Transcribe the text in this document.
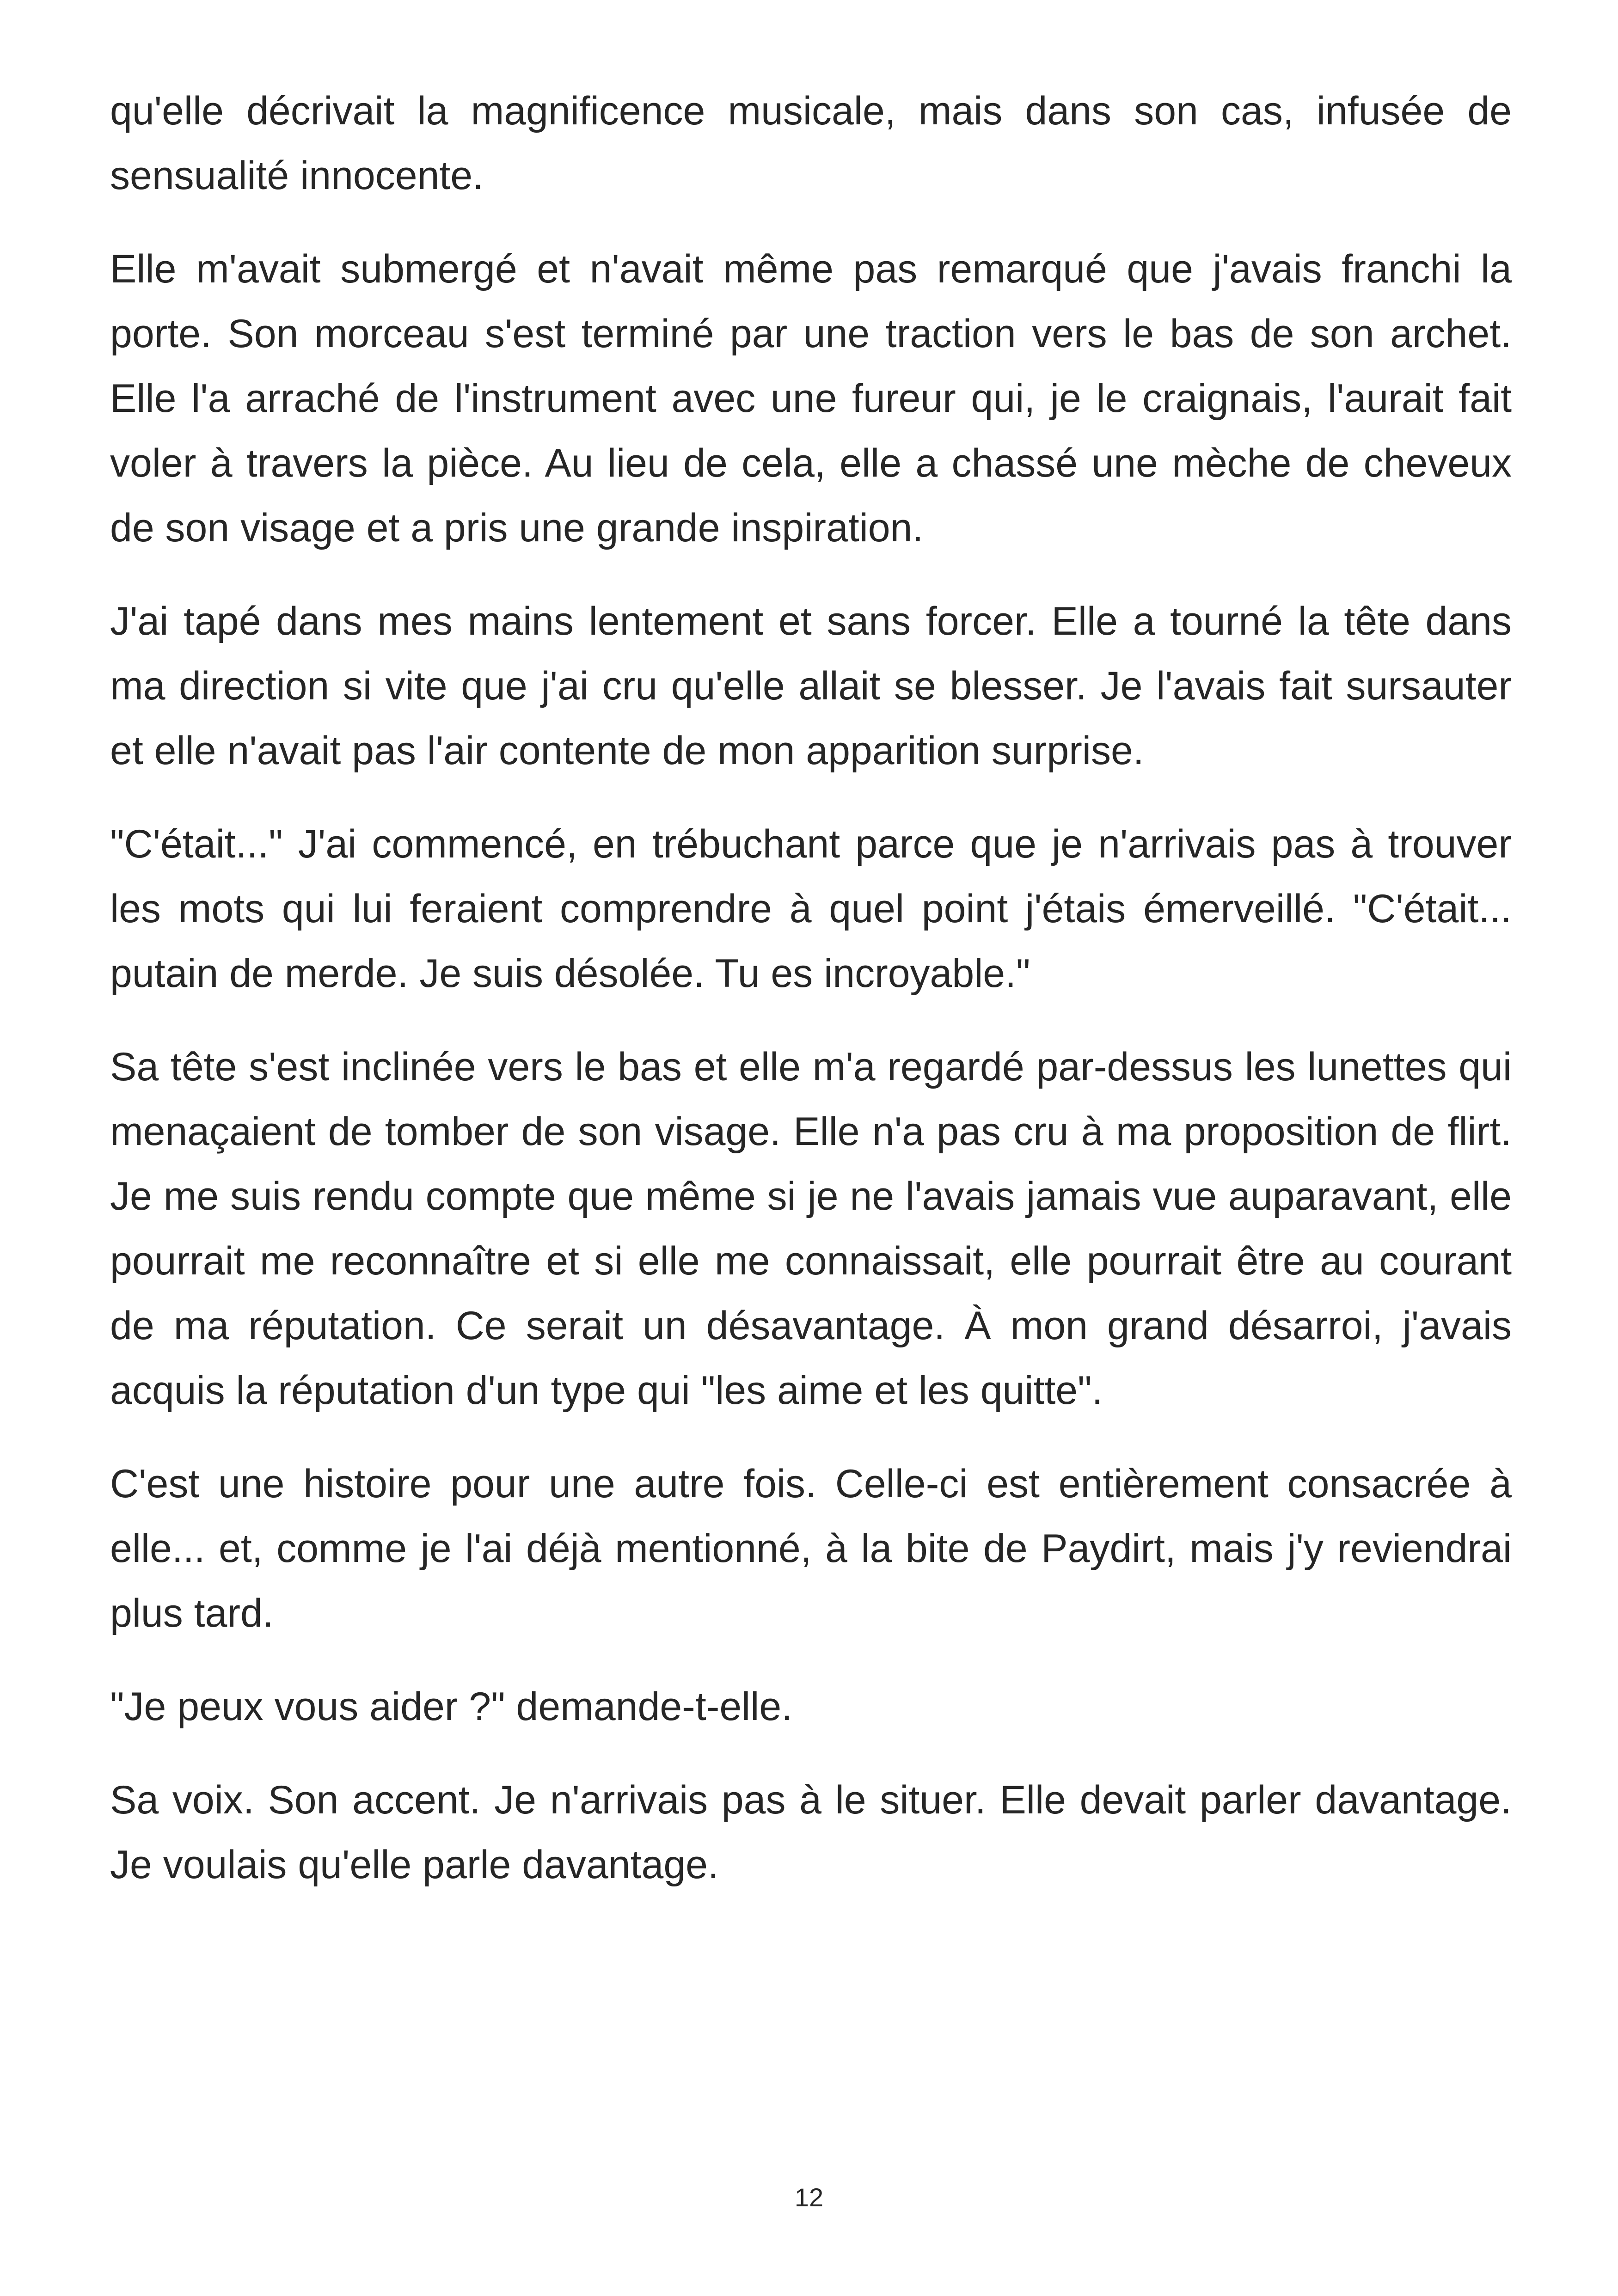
qu'elle décrivait la magnificence musicale, mais dans son cas, infusée de sensualité innocente.

Elle m'avait submergé et n'avait même pas remarqué que j'avais franchi la porte. Son morceau s'est terminé par une traction vers le bas de son archet. Elle l'a arraché de l'instrument avec une fureur qui, je le craignais, l'aurait fait voler à travers la pièce. Au lieu de cela, elle a chassé une mèche de cheveux de son visage et a pris une grande inspiration.

J'ai tapé dans mes mains lentement et sans forcer. Elle a tourné la tête dans ma direction si vite que j'ai cru qu'elle allait se blesser. Je l'avais fait sursauter et elle n'avait pas l'air contente de mon apparition surprise.

"C'était..." J'ai commencé, en trébuchant parce que je n'arrivais pas à trouver les mots qui lui feraient comprendre à quel point j'étais émerveillé. "C'était... putain de merde. Je suis désolée. Tu es incroyable."

Sa tête s'est inclinée vers le bas et elle m'a regardé par-dessus les lunettes qui menaçaient de tomber de son visage. Elle n'a pas cru à ma proposition de flirt. Je me suis rendu compte que même si je ne l'avais jamais vue auparavant, elle pourrait me reconnaître et si elle me connaissait, elle pourrait être au courant de ma réputation. Ce serait un désavantage. À mon grand désarroi, j'avais acquis la réputation d'un type qui "les aime et les quitte".

C'est une histoire pour une autre fois. Celle-ci est entièrement consacrée à elle... et, comme je l'ai déjà mentionné, à la bite de Paydirt, mais j'y reviendrai plus tard.

"Je peux vous aider ?" demande-t-elle.

Sa voix. Son accent. Je n'arrivais pas à le situer. Elle devait parler davantage. Je voulais qu'elle parle davantage.

12
